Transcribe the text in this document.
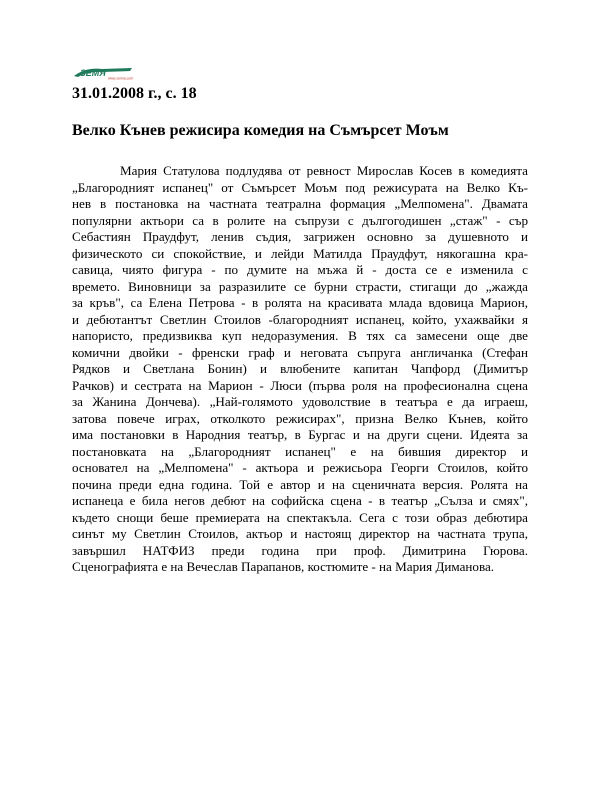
ЗЕМЯ
www.zemia.com
31.01.2008 г., с. 18
Велко Кънев режисира комедия на Съмърсет Моъм
Мария Статулова подлудява от ревност Мирослав Косев в комедията
„Благородният испанец" от Съмърсет Моъм под режисурата на Велко Къ-
нев в постановка на частната театрална формация „Мелпомена". Двамата
популярни актьори са в ролите на съпрузи с дългогодишен „стаж" - сър
Себастиян Праудфут, лeнив съдия, загрижен основно за душевното и
физическото си спокойствие, и лейди Матилда Праудфут, някогашна кра-
савица, чиято фигура - по думите на мъжа й - доста се е изменила с
времето. Виновници за разразилите се бурни страсти, стигащи до „жажда
за кръв", са Елена Петрова - в ролята на красивата млада вдовица Марион,
и дебютантът Светлин Стоилов -благородният испанец, който, ухажвайки я
напористо, предизвиква куп недоразумения. В тях са замесени още две
комични двойки - френски граф и неговата съпруга англичанка (Стефан
Рядков и Светлана Бонин) и влюбените капитан Чапфорд (Димитър
Рачков) и сестрата на Марион - Люси (първа роля на професионална сцена
за Жанина Дончева). „Най-голямото удоволствие в театъра е да играеш,
затова повече играх, отколкото режисирах", призна Велко Кънев, който
има постановки в Народния театър, в Бургас и на други сцени. Идеята за
постановката на „Благородният испанец" е на бившия директор и
основател на „Мелпомена" - актьора и режисьора Георги Стоилов, който
почина преди една година. Той е автор и на сценичната версия. Ролята на
испанеца е била негов дебют на софийска сцена - в театър „Сълза и смях",
където снощи беше премиерата на спектакъла. Сега с този образ дебютира
синът му Светлин Стоилов, актьор и настоящ директор на частната трупа,
завършил НАТФИЗ преди година при проф. Димитрина Гюрова.
Сценографията е на Вечеслав Парапанов, костюмите - на Мария Диманова.
